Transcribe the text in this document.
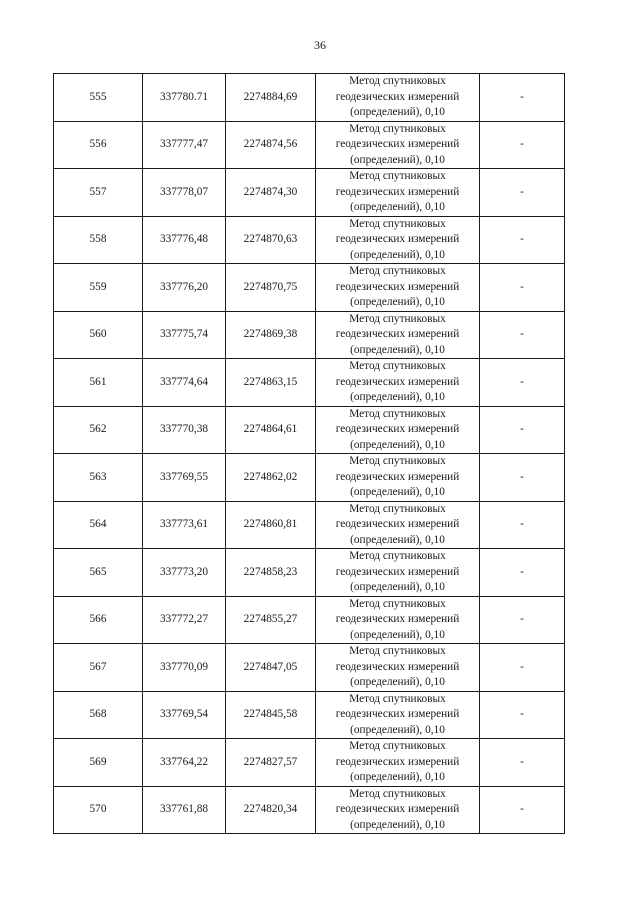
36
555	337780.71	2274884,69	Метод спутниковых
геодезических измерений
(определений), 0,10	-
556	337777,47	2274874,56	Метод спутниковых
геодезических измерений
(определений), 0,10	-
557	337778,07	2274874,30	Метод спутниковых
геодезических измерений
(определений), 0,10	-
558	337776,48	2274870,63	Метод спутниковых
геодезических измерений
(определений), 0,10	-
559	337776,20	2274870,75	Метод спутниковых
геодезических измерений
(определений), 0,10	-
560	337775,74	2274869,38	Метод спутниковых
геодезических измерений
(определений), 0,10	-
561	337774,64	2274863,15	Метод спутниковых
геодезических измерений
(определений), 0,10	-
562	337770,38	2274864,61	Метод спутниковых
геодезических измерений
(определений), 0,10	-
563	337769,55	2274862,02	Метод спутниковых
геодезических измерений
(определений), 0,10	-
564	337773,61	2274860,81	Метод спутниковых
геодезических измерений
(определений), 0,10	-
565	337773,20	2274858,23	Метод спутниковых
геодезических измерений
(определений), 0,10	-
566	337772,27	2274855,27	Метод спутниковых
геодезических измерений
(определений), 0,10	-
567	337770,09	2274847,05	Метод спутниковых
геодезических измерений
(определений), 0,10	-
568	337769,54	2274845,58	Метод спутниковых
геодезических измерений
(определений), 0,10	-
569	337764,22	2274827,57	Метод спутниковых
геодезических измерений
(определений), 0,10	-
570	337761,88	2274820,34	Метод спутниковых
геодезических измерений
(определений), 0,10	-
